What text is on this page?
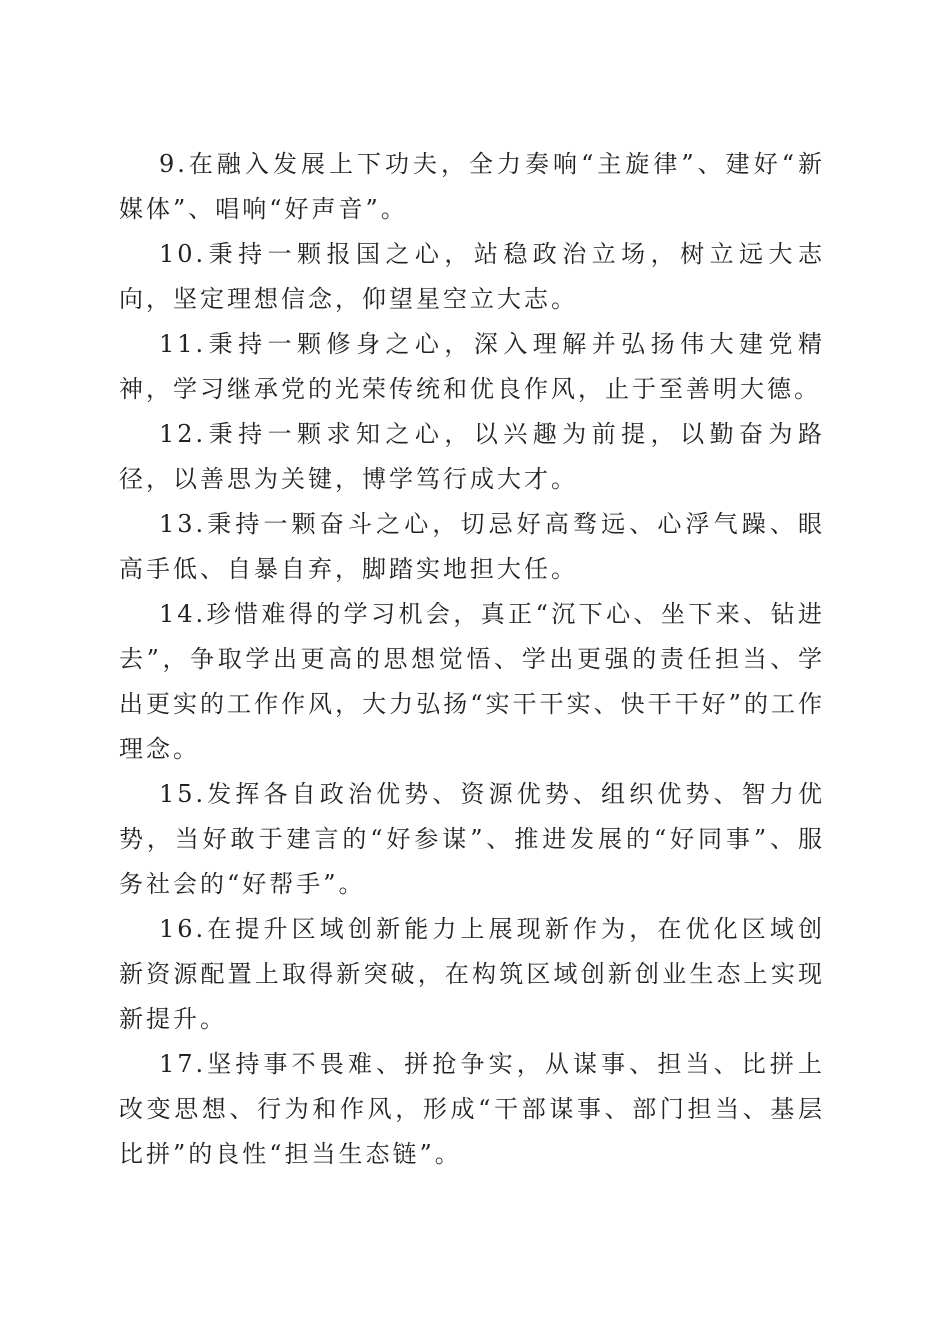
9.在融入发展上下功夫，全力奏响“主旋律”、建好“新媒体”、唱响“好声音”。

10.秉持一颗报国之心，站稳政治立场，树立远大志向，坚定理想信念，仰望星空立大志。

11.秉持一颗修身之心，深入理解并弘扬伟大建党精神，学习继承党的光荣传统和优良作风，止于至善明大德。

12.秉持一颗求知之心，以兴趣为前提，以勤奋为路径，以善思为关键，博学笃行成大才。

13.秉持一颗奋斗之心，切忌好高骛远、心浮气躁、眼高手低、自暴自弃，脚踏实地担大任。

14.珍惜难得的学习机会，真正“沉下心、坐下来、钻进去”，争取学出更高的思想觉悟、学出更强的责任担当、学出更实的工作作风，大力弘扬“实干干实、快干干好”的工作理念。

15.发挥各自政治优势、资源优势、组织优势、智力优势，当好敢于建言的“好参谋”、推进发展的“好同事”、服务社会的“好帮手”。

16.在提升区域创新能力上展现新作为，在优化区域创新资源配置上取得新突破，在构筑区域创新创业生态上实现新提升。

17.坚持事不畏难、拼抢争实，从谋事、担当、比拼上改变思想、行为和作风，形成“干部谋事、部门担当、基层比拼”的良性“担当生态链”。
